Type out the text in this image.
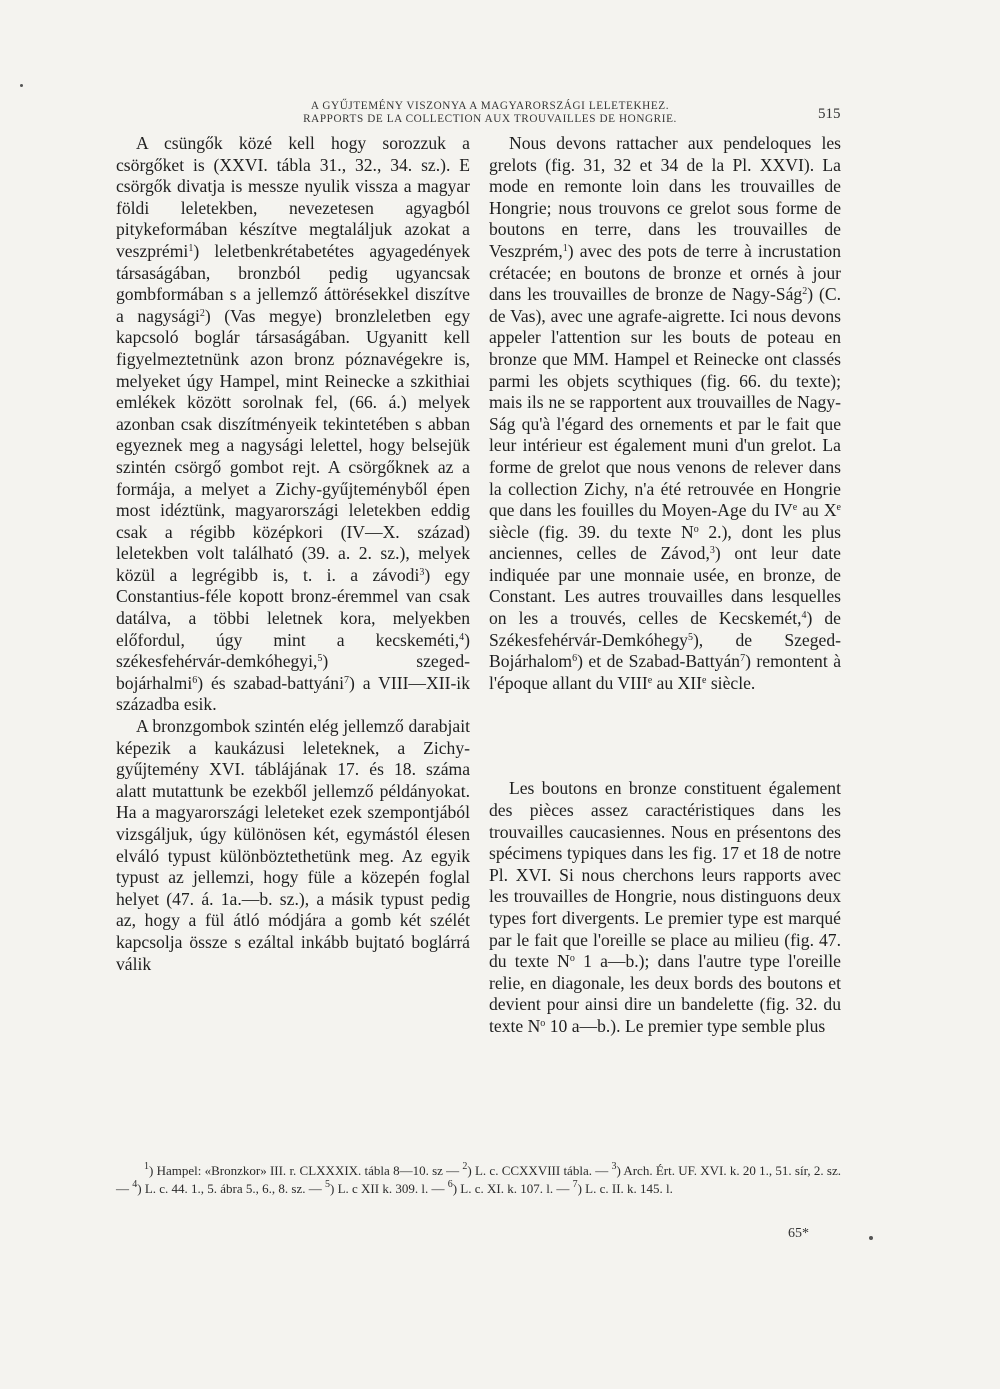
A GYŰJTEMÉNY VISZONYA A MAGYARORSZÁGI LELETEKHEZ.
RAPPORTS DE LA COLLECTION AUX TROUVAILLES DE HONGRIE.	515

A csüngők közé kell hogy sorozzuk a csörgőket is (XXVI. tábla 31., 32., 34. sz.). E csörgők divatja is messze nyulik vissza a magyar földi leletekben, nevezetesen agyagból pitykeformában készítve megtaláljuk azokat a veszprémi$^1$) leletbenkrétabetétes agyagedények társaságában, bronzból pedig ugyancsak gombformában s a jellemző áttörésekkel diszítve a nagysági$^2$) (Vas megye) bronzleletben egy kapcsoló boglár társaságában. Ugyanitt kell figyelmeztetnünk azon bronz póznavégekre is, melyeket úgy Hampel, mint Reinecke a szkithiai emlékek között sorolnak fel, (66. á.) melyek azonban csak diszítményeik tekintetében s abban egyeznek meg a nagysági lelettel, hogy belsejük szintén csörgő gombot rejt. A csörgőknek az a formája, a melyet a Zichy-gyűjteményből épen most idéztünk, magyarországi leletekben eddig csak a régibb középkori (IV—X. század) leletekben volt található (39. a. 2. sz.), melyek közül a legrégibb is, t. i. a závodi$^3$) egy Constantius-féle kopott bronz-éremmel van csak datálva, a többi leletnek kora, melyekben előfordul, úgy mint a kecskeméti,$^4$) székesfehérvár-demkóhegyi,$^5$) szeged-bojárhalmi$^6$) és szabad-battyáni$^7$) a VIII—XII-ik századba esik.

A bronzgombok szintén elég jellemző darabjait képezik a kaukázusi leleteknek, a Zichy-gyűjtemény XVI. táblájának 17. és 18. száma alatt mutattunk be ezekből jellemző példányokat. Ha a magyarországi leleteket ezek szempontjából vizsgáljuk, úgy különösen két, egymástól élesen elváló typust különböztethetünk meg. Az egyik typust az jellemzi, hogy füle a közepén foglal helyet (47. á. 1a.—b. sz.), a másik typust pedig az, hogy a fül átló módjára a gomb két szélét kapcsolja össze s ezáltal inkább bujtató boglárrá válik

Nous devons rattacher aux pendeloques les grelots (fig. 31, 32 et 34 de la Pl. XXVI). La mode en remonte loin dans les trouvailles de Hongrie; nous trouvons ce grelot sous forme de boutons en terre, dans les trouvailles de Veszprém,$^1$) avec des pots de terre à incrustation crétacée; en boutons de bronze et ornés à jour dans les trouvailles de bronze de Nagy-Ság$^2$) (C. de Vas), avec une agrafe-aigrette. Ici nous devons appeler l'attention sur les bouts de poteau en bronze que MM. Hampel et Reinecke ont classés parmi les objets scythiques (fig. 66. du texte); mais ils ne se rapportent aux trouvailles de Nagy-Ság qu'à l'égard des ornements et par le fait que leur intérieur est également muni d'un grelot. La forme de grelot que nous venons de relever dans la collection Zichy, n'a été retrouvée en Hongrie que dans les fouilles du Moyen-Age du IVe au Xe siècle (fig. 39. du texte $N^o$ 2.), dont les plus anciennes, celles de Závod,$^3$) ont leur date indiquée par une monnaie usée, en bronze, de Constant. Les autres trouvailles dans lesquelles on les a trouvés, celles de Kecskemét,$^4$) de Székesfehérvár-Demkóhegy$^5$), de Szeged-Bojárhalom$^6$) et de Szabad-Battyán$^7$) remontent à l'époque allant du VIIIe au XIIe siècle.

Les boutons en bronze constituent également des pièces assez caractéristiques dans les trouvailles caucasiennes. Nous en présentons des spécimens typiques dans les fig. 17 et 18 de notre Pl. XVI. Si nous cherchons leurs rapports avec les trouvailles de Hongrie, nous distinguons deux types fort divergents. Le premier type est marqué par le fait que l'oreille se place au milieu (fig. 47. du texte $N^o$ 1 a—b.); dans l'autre type l'oreille relie, en diagonale, les deux bords des boutons et devient pour ainsi dire un bandelette (fig. 32. du texte $N^o$ 10 a—b.). Le premier type semble plus

$^1$) Hampel: «Bronzkor» III. r. CLXXXIX. tábla 8—10. sz — $^2$) L. c. CCXXVIII tábla. — $^3$) Arch. Ért. UF. XVI. k. 20 1., 51. sír, 2. sz. — $^4$) L. c. 44. 1., 5. ábra 5., 6., 8. sz. — $^5$) L. c XII k. 309. l. — $^6$) L. c. XI. k. 107. l. — $^7$) L. c. II. k. 145. l.

65*
